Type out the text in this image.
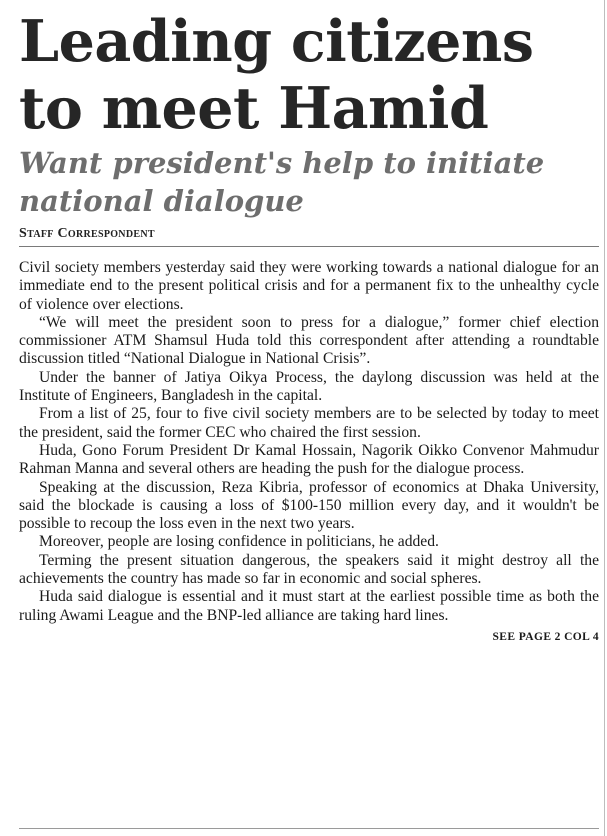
Leading citizens to meet Hamid
Want president's help to initiate national dialogue
Staff Correspondent

Civil society members yesterday said they were working towards a national dialogue for an immediate end to the present political crisis and for a permanent fix to the unhealthy cycle of violence over elections.

“We will meet the president soon to press for a dialogue,” former chief election commissioner ATM Shamsul Huda told this correspondent after attending a roundtable discussion titled “National Dialogue in National Crisis”.

Under the banner of Jatiya Oikya Process, the daylong discussion was held at the Institute of Engineers, Bangladesh in the capital.

From a list of 25, four to five civil society members are to be selected by today to meet the president, said the former CEC who chaired the first session.

Huda, Gono Forum President Dr Kamal Hossain, Nagorik Oikko Convenor Mahmudur Rahman Manna and several others are heading the push for the dialogue process.

Speaking at the discussion, Reza Kibria, professor of economics at Dhaka University, said the blockade is causing a loss of $100-150 million every day, and it wouldn't be possible to recoup the loss even in the next two years.

Moreover, people are losing confidence in politicians, he added.

Terming the present situation dangerous, the speakers said it might destroy all the achievements the country has made so far in economic and social spheres.

Huda said dialogue is essential and it must start at the earliest possible time as both the ruling Awami League and the BNP-led alliance are taking hard lines.

SEE PAGE 2 COL 4
